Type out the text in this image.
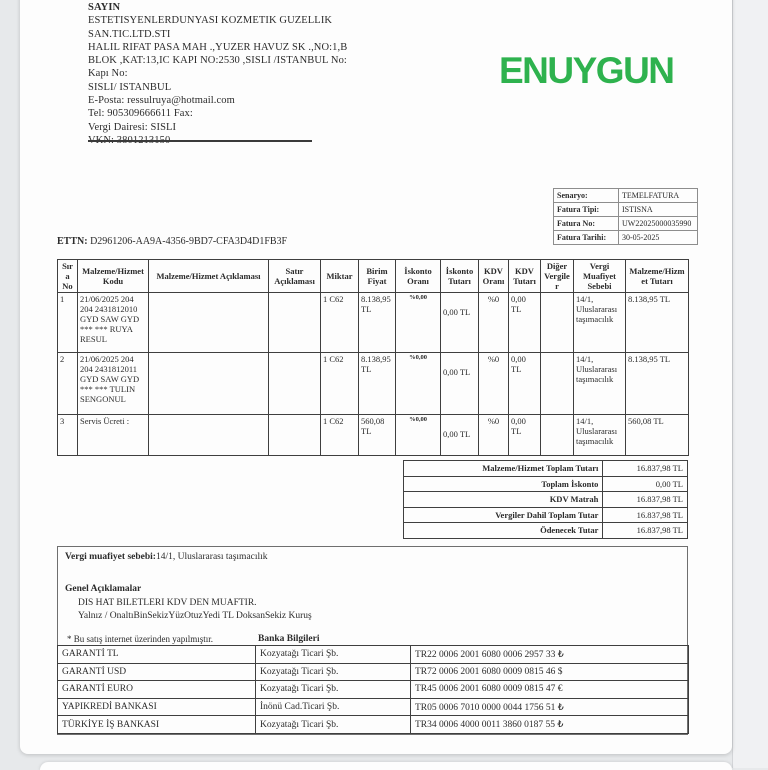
SAYIN
ESTETISYENLERDUNYASI KOZMETIK GUZELLIK
SAN.TIC.LTD.STI
HALIL RIFAT PASA MAH .,YUZER HAVUZ SK .,NO:1,B
BLOK ,KAT:13,IC KAPI NO:2530 ,SISLI /ISTANBUL No:
Kapı No:
SISLI/ ISTANBUL
E-Posta: ressulruya@hotmail.com
Tel: 905309666611 Fax:
Vergi Dairesi: SISLI
VKN: 3801213150
ENUYGUN
Senaryo:	TEMELFATURA
Fatura Tipi:	ISTISNA
Fatura No:	UW22025000035990
Fatura Tarihi:	30-05-2025
ETTN: D2961206-AA9A-4356-9BD7-CFA3D4D1FB3F
Sıra No	Malzeme/Hizmet Kodu	Malzeme/Hizmet Açıklaması	Satır Açıklaması	Miktar	Birim Fiyat	İskonto Oranı	İskonto Tutarı	KDV Oranı	KDV Tutarı	Diğer Vergiler	Vergi Muafiyet Sebebi	Malzeme/Hizmet Tutarı
1	21/06/2025 204 204 2431812010 GYD SAW GYD *** *** RUYA RESUL			1 C62	8.138,95 TL	%0,00	0,00 TL	%0	0,00 TL		14/1, Uluslararası taşımacılık	8.138,95 TL
2	21/06/2025 204 204 2431812011 GYD SAW GYD *** *** TULIN SENGONUL			1 C62	8.138,95 TL	%0,00	0,00 TL	%0	0,00 TL		14/1, Uluslararası taşımacılık	8.138,95 TL
3	Servis Ücreti :			1 C62	560,08 TL	%0,00	0,00 TL	%0	0,00 TL		14/1, Uluslararası taşımacılık	560,08 TL
Malzeme/Hizmet Toplam Tutarı	16.837,98 TL
Toplam İskonto	0,00 TL
KDV Matrah	16.837,98 TL
Vergiler Dahil Toplam Tutar	16.837,98 TL
Ödenecek Tutar	16.837,98 TL
Vergi muafiyet sebebi:14/1, Uluslararası taşımacılık
Genel Açıklamalar
DIS HAT BILETLERI KDV DEN MUAFTIR.
Yalnız / OnaltıBinSekizYüzOtuzYedi TL DoksanSekiz Kuruş
* Bu satış internet üzerinden yapılmıştır.	Banka Bilgileri
GARANTİ TL	Kozyatağı Ticari Şb.	TR22 0006 2001 6080 0006 2957 33 ₺
GARANTİ USD	Kozyatağı Ticari Şb.	TR72 0006 2001 6080 0009 0815 46 $
GARANTİ EURO	Kozyatağı Ticari Şb.	TR45 0006 2001 6080 0009 0815 47 €
YAPIKREDİ BANKASI	İnönü Cad.Ticari Şb.	TR05 0006 7010 0000 0044 1756 51 ₺
TÜRKİYE İŞ BANKASI	Kozyatağı Ticari Şb.	TR34 0006 4000 0011 3860 0187 55 ₺
